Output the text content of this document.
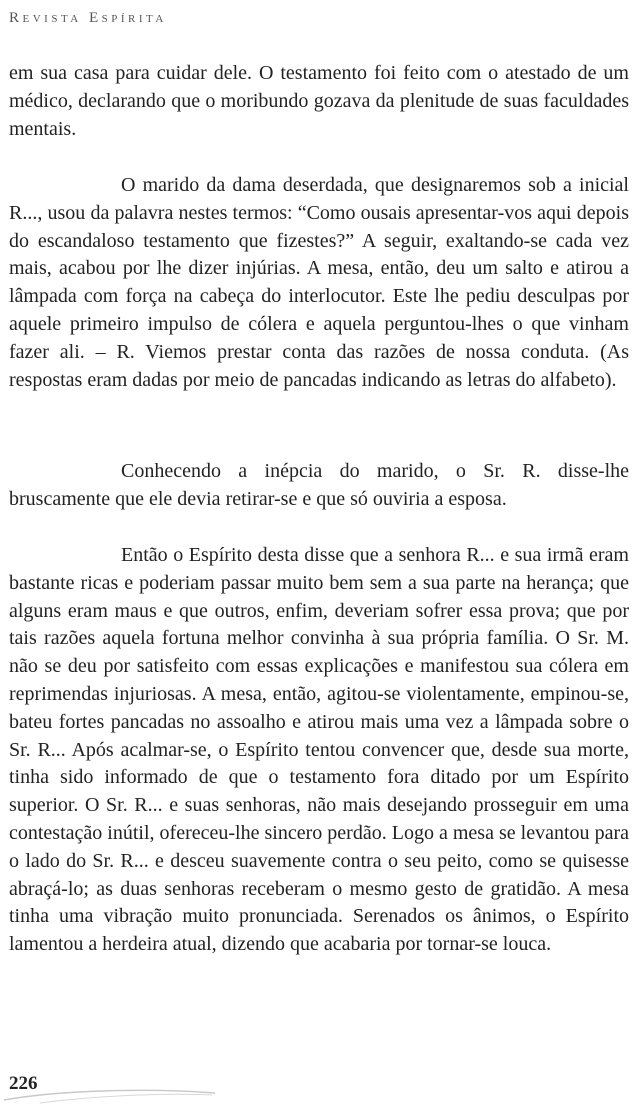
Revista Espírita

em sua casa para cuidar dele. O testamento foi feito com o atestado de um médico, declarando que o moribundo gozava da plenitude de suas faculdades mentais.

O marido da dama deserdada, que designaremos sob a inicial R..., usou da palavra nestes termos: “Como ousais apresentar-vos aqui depois do escandaloso testamento que fizestes?” A seguir, exaltando-se cada vez mais, acabou por lhe dizer injúrias. A mesa, então, deu um salto e atirou a lâmpada com força na cabeça do interlocutor. Este lhe pediu desculpas por aquele primeiro impulso de cólera e aquela perguntou-lhes o que vinham fazer ali. – R. Viemos prestar conta das razões de nossa conduta. (As respostas eram dadas por meio de pancadas indicando as letras do alfabeto).

Conhecendo a inépcia do marido, o Sr. R. disse-lhe bruscamente que ele devia retirar-se e que só ouviria a esposa.

Então o Espírito desta disse que a senhora R... e sua irmã eram bastante ricas e poderiam passar muito bem sem a sua parte na herança; que alguns eram maus e que outros, enfim, deveriam sofrer essa prova; que por tais razões aquela fortuna melhor convinha à sua própria família. O Sr. M. não se deu por satisfeito com essas explicações e manifestou sua cólera em reprimendas injuriosas. A mesa, então, agitou-se violentamente, empinou-se, bateu fortes pancadas no assoalho e atirou mais uma vez a lâmpada sobre o Sr. R... Após acalmar-se, o Espírito tentou convencer que, desde sua morte, tinha sido informado de que o testamento fora ditado por um Espírito superior. O Sr. R... e suas senhoras, não mais desejando prosseguir em uma contestação inútil, ofereceu-lhe sincero perdão. Logo a mesa se levantou para o lado do Sr. R... e desceu suavemente contra o seu peito, como se quisesse abraçá-lo; as duas senhoras receberam o mesmo gesto de gratidão. A mesa tinha uma vibração muito pronunciada. Serenados os ânimos, o Espírito lamentou a herdeira atual, dizendo que acabaria por tornar-se louca.

226
